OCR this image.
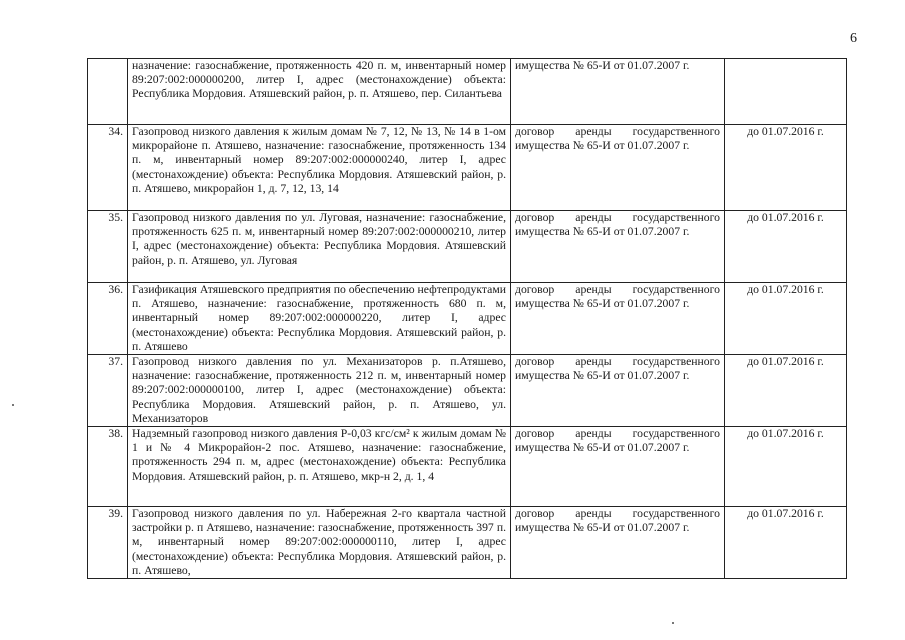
6
	назначение: газоснабжение, протяженность 420 п. м, инвентарный номер 89:207:002:000000200, литер I, адрес (местонахождение) объекта: Республика Мордовия. Атяшевский район, р. п. Атяшево, пер. Силантьева	имущества № 65-И от 01.07.2007 г.	
34.	Газопровод низкого давления к жилым домам № 7, 12, № 13, № 14 в 1-ом микрорайоне п. Атяшево, назначение: газоснабжение, протяженность 134 п. м, инвентарный номер 89:207:002:000000240, литер I, адрес (местонахождение) объекта: Республика Мордовия. Атяшевский район, р. п. Атяшево, микрорайон 1, д. 7, 12, 13, 14	договор аренды государственного имущества № 65-И от 01.07.2007 г.	до 01.07.2016 г.
35.	Газопровод низкого давления по ул. Луговая, назначение: газоснабжение, протяженность 625 п. м, инвентарный номер 89:207:002:000000210, литер I, адрес (местонахождение) объекта: Республика Мордовия. Атяшевский район, р. п. Атяшево, ул. Луговая	договор аренды государственного имущества № 65-И от 01.07.2007 г.	до 01.07.2016 г.
36.	Газификация Атяшевского предприятия по обеспечению нефтепродуктами п. Атяшево, назначение: газоснабжение, протяженность 680 п. м, инвентарный номер 89:207:002:000000220, литер I, адрес (местонахождение) объекта: Республика Мордовия. Атяшевский район, р. п. Атяшево	договор аренды государственного имущества № 65-И от 01.07.2007 г.	до 01.07.2016 г.
37.	Газопровод низкого давления по ул. Механизаторов р. п.Атяшево, назначение: газоснабжение, протяженность 212 п. м, инвентарный номер 89:207:002:000000100, литер I, адрес (местонахождение) объекта: Республика Мордовия. Атяшевский район, р. п. Атяшево, ул. Механизаторов	договор аренды государственного имущества № 65-И от 01.07.2007 г.	до 01.07.2016 г.
38.	Надземный газопровод низкого давления Р-0,03 кгс/см² к жилым домам № 1 и № 4 Микрорайон-2 пос. Атяшево, назначение: газоснабжение, протяженность 294 п. м, адрес (местонахождение) объекта: Республика Мордовия. Атяшевский район, р. п. Атяшево, мкр-н 2, д. 1, 4	договор аренды государственного имущества № 65-И от 01.07.2007 г.	до 01.07.2016 г.
39.	Газопровод низкого давления по ул. Набережная 2-го квартала частной застройки р. п Атяшево, назначение: газоснабжение, протяженность 397 п. м, инвентарный номер 89:207:002:000000110, литер I, адрес (местонахождение) объекта: Республика Мордовия. Атяшевский район, р. п. Атяшево,	договор аренды государственного имущества № 65-И от 01.07.2007 г.	до 01.07.2016 г.
